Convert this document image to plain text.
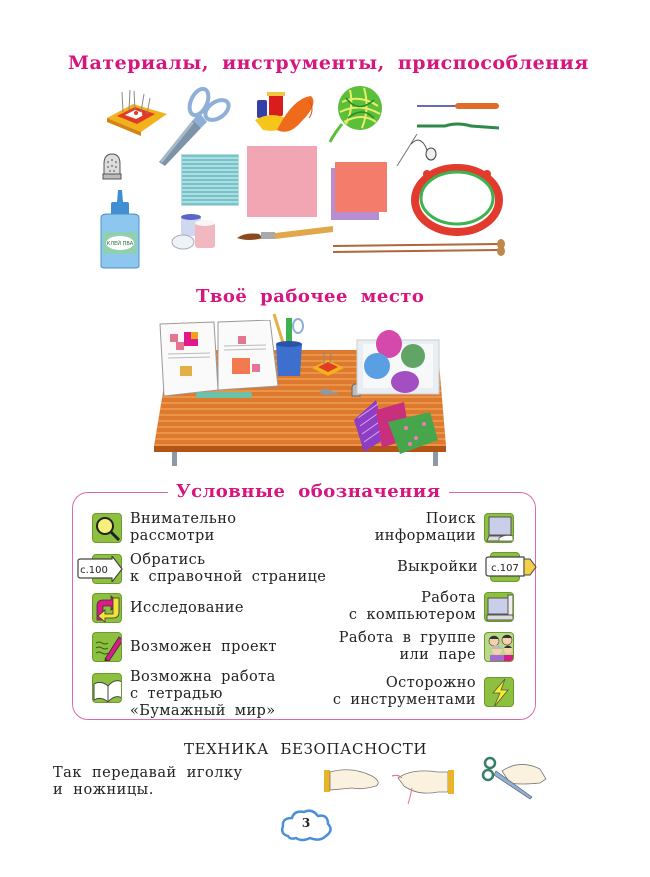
Материалы, инструменты, приспособления
КЛЕЙ ПВА
Твоё рабочее место
Условные обозначения
Внимательно
рассмотри
с.100
Обратись
к справочной странице
Исследование
Возможен проект
Возможна работа
с тетрадью
«Бумажный мир»
Поиск
информации
Выкройки с.107
Работа
с компьютером
Работа в группе
или паре
Осторожно
с инструментами
ТЕХНИКА БЕЗОПАСНОСТИ
Так передавай иголку
и ножницы.
3
